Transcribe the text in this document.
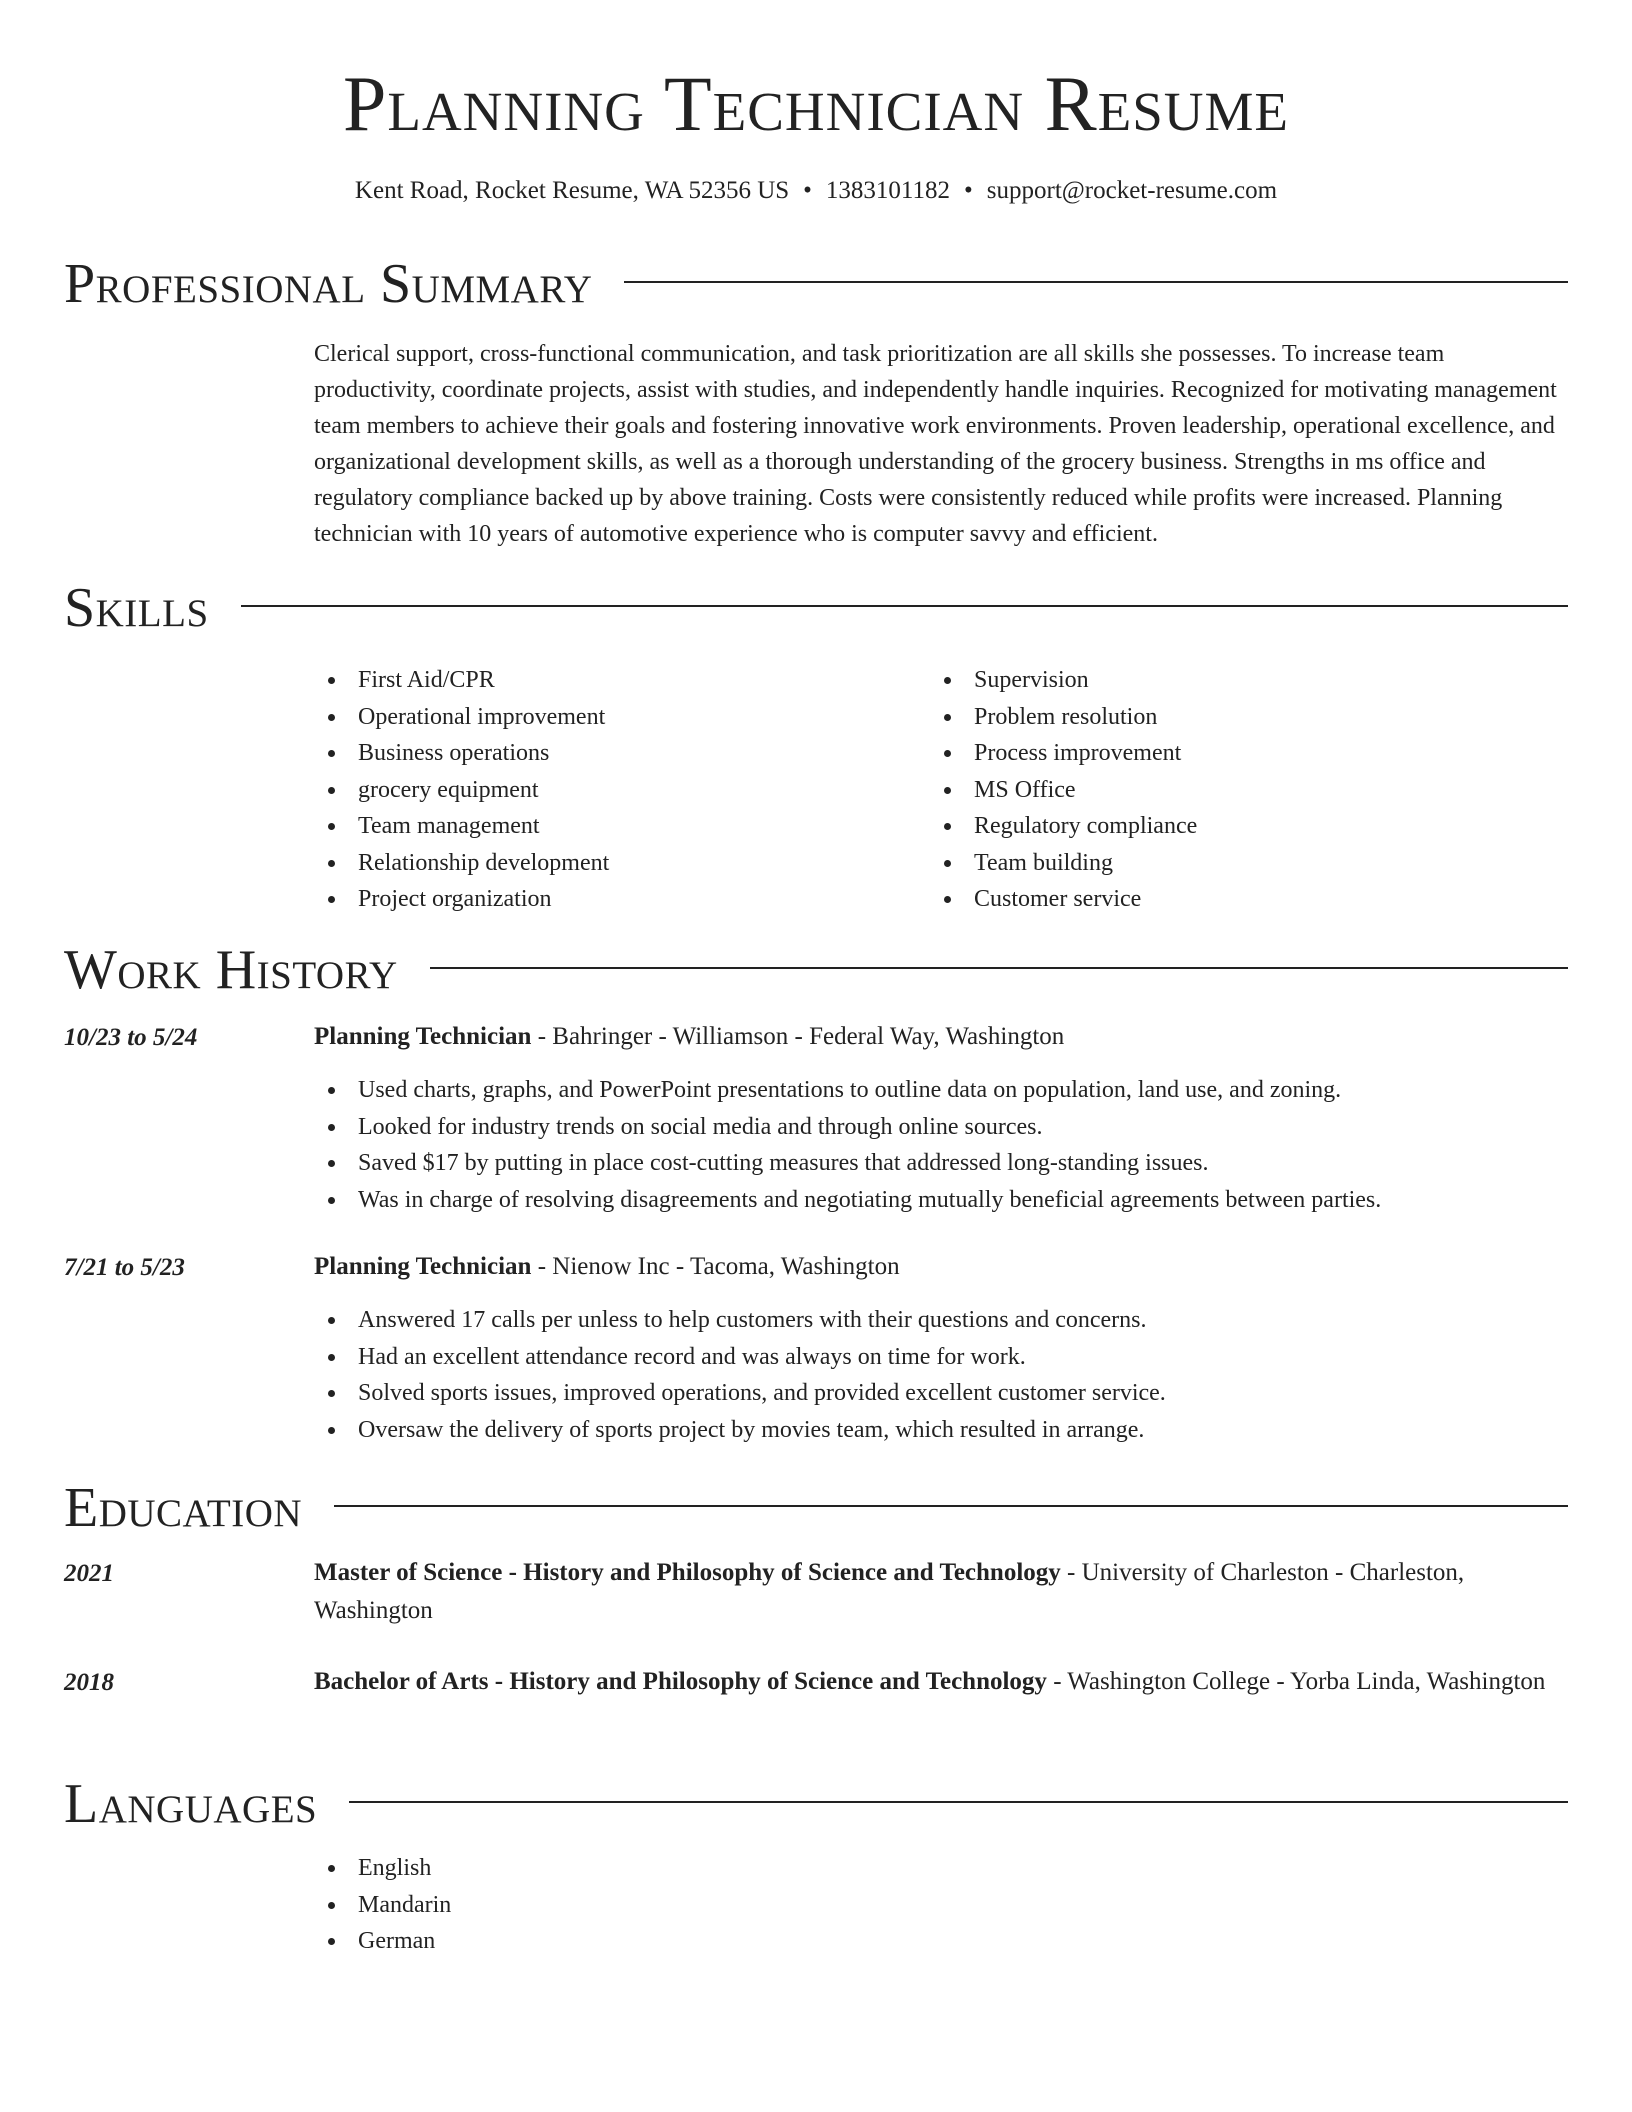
Planning Technician Resume
Kent Road, Rocket Resume, WA 52356 US • 1383101182 • support@rocket-resume.com
Professional Summary

Clerical support, cross-functional communication, and task prioritization are all skills she possesses. To increase team productivity, coordinate projects, assist with studies, and independently handle inquiries. Recognized for motivating management team members to achieve their goals and fostering innovative work environments. Proven leadership, operational excellence, and organizational development skills, as well as a thorough understanding of the grocery business. Strengths in ms office and regulatory compliance backed up by above training. Costs were consistently reduced while profits were increased. Planning technician with 10 years of automotive experience who is computer savvy and efficient.

Skills
First Aid/CPR
Operational improvement
Business operations
grocery equipment
Team management
Relationship development
Project organization
Supervision
Problem resolution
Process improvement
MS Office
Regulatory compliance
Team building
Customer service
Work History
10/23 to 5/24	Planning Technician - Bahringer - Williamson - Federal Way, Washington
Used charts, graphs, and PowerPoint presentations to outline data on population, land use, and zoning.
Looked for industry trends on social media and through online sources.
Saved $17 by putting in place cost-cutting measures that addressed long-standing issues.
Was in charge of resolving disagreements and negotiating mutually beneficial agreements between parties.
7/21 to 5/23	Planning Technician - Nienow Inc - Tacoma, Washington
Answered 17 calls per unless to help customers with their questions and concerns.
Had an excellent attendance record and was always on time for work.
Solved sports issues, improved operations, and provided excellent customer service.
Oversaw the delivery of sports project by movies team, which resulted in arrange.
Education
2021	Master of Science - History and Philosophy of Science and Technology - University of Charleston - Charleston, Washington
2018	Bachelor of Arts - History and Philosophy of Science and Technology - Washington College - Yorba Linda, Washington
Languages
English
Mandarin
German
